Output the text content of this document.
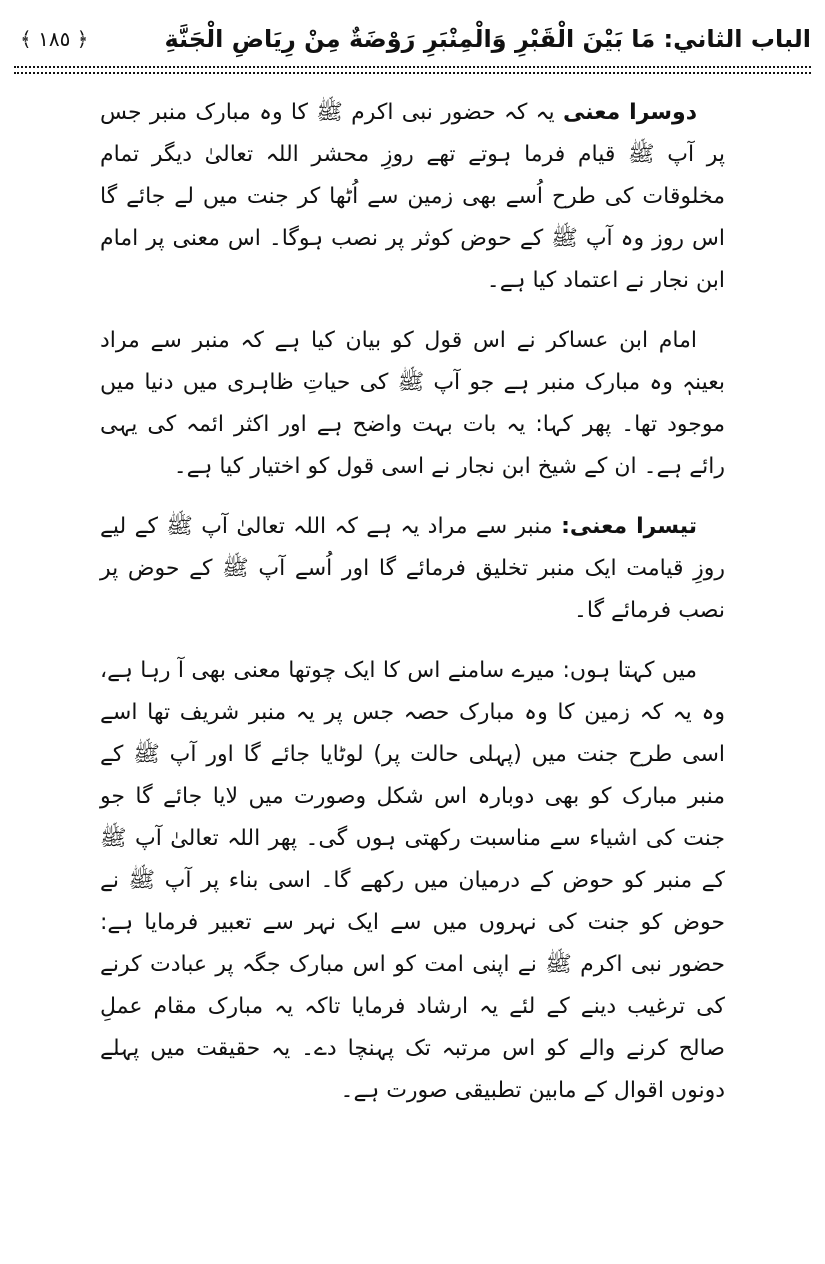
الباب الثاني: مَا بَيْنَ الْقَبْرِ وَالْمِنْبَرِ رَوْضَةٌ مِنْ رِيَاضِ الْجَنَّةِ
﴿ ١٨٥ ﴾

دوسرا معنی یہ کہ حضور نبی اکرم ﷺ کا وہ مبارک منبر جس پر آپ ﷺ قیام فرما ہوتے تھے روزِ محشر اللہ تعالیٰ دیگر تمام مخلوقات کی طرح اُسے بھی زمین سے اُٹھا کر جنت میں لے جائے گا اس روز وہ آپ ﷺ کے حوض کوثر پر نصب ہوگا۔ اس معنی پر امام ابن نجار نے اعتماد کیا ہے۔

امام ابن عساکر نے اس قول کو بیان کیا ہے کہ منبر سے مراد بعینہٖ وہ مبارک منبر ہے جو آپ ﷺ کی حیاتِ ظاہری میں دنیا میں موجود تھا۔ پھر کہا: یہ بات بہت واضح ہے اور اکثر ائمہ کی یہی رائے ہے۔ ان کے شیخ ابن نجار نے اسی قول کو اختیار کیا ہے۔

تیسرا معنی: منبر سے مراد یہ ہے کہ اللہ تعالیٰ آپ ﷺ کے لیے روزِ قیامت ایک منبر تخلیق فرمائے گا اور اُسے آپ ﷺ کے حوض پر نصب فرمائے گا۔

میں کہتا ہوں: میرے سامنے اس کا ایک چوتھا معنی بھی آ رہا ہے، وہ یہ کہ زمین کا وہ مبارک حصہ جس پر یہ منبر شریف تھا اسے اسی طرح جنت میں (پہلی حالت پر) لوٹایا جائے گا اور آپ ﷺ کے منبر مبارک کو بھی دوبارہ اس شکل وصورت میں لایا جائے گا جو جنت کی اشیاء سے مناسبت رکھتی ہوں گی۔ پھر اللہ تعالیٰ آپ ﷺ کے منبر کو حوض کے درمیان میں رکھے گا۔ اسی بناء پر آپ ﷺ نے حوض کو جنت کی نہروں میں سے ایک نہر سے تعبیر فرمایا ہے: حضور نبی اکرم ﷺ نے اپنی امت کو اس مبارک جگہ پر عبادت کرنے کی ترغیب دینے کے لئے یہ ارشاد فرمایا تاکہ یہ مبارک مقام عملِ صالح کرنے والے کو اس مرتبہ تک پہنچا دے۔ یہ حقیقت میں پہلے دونوں اقوال کے مابین تطبیقی صورت ہے۔
